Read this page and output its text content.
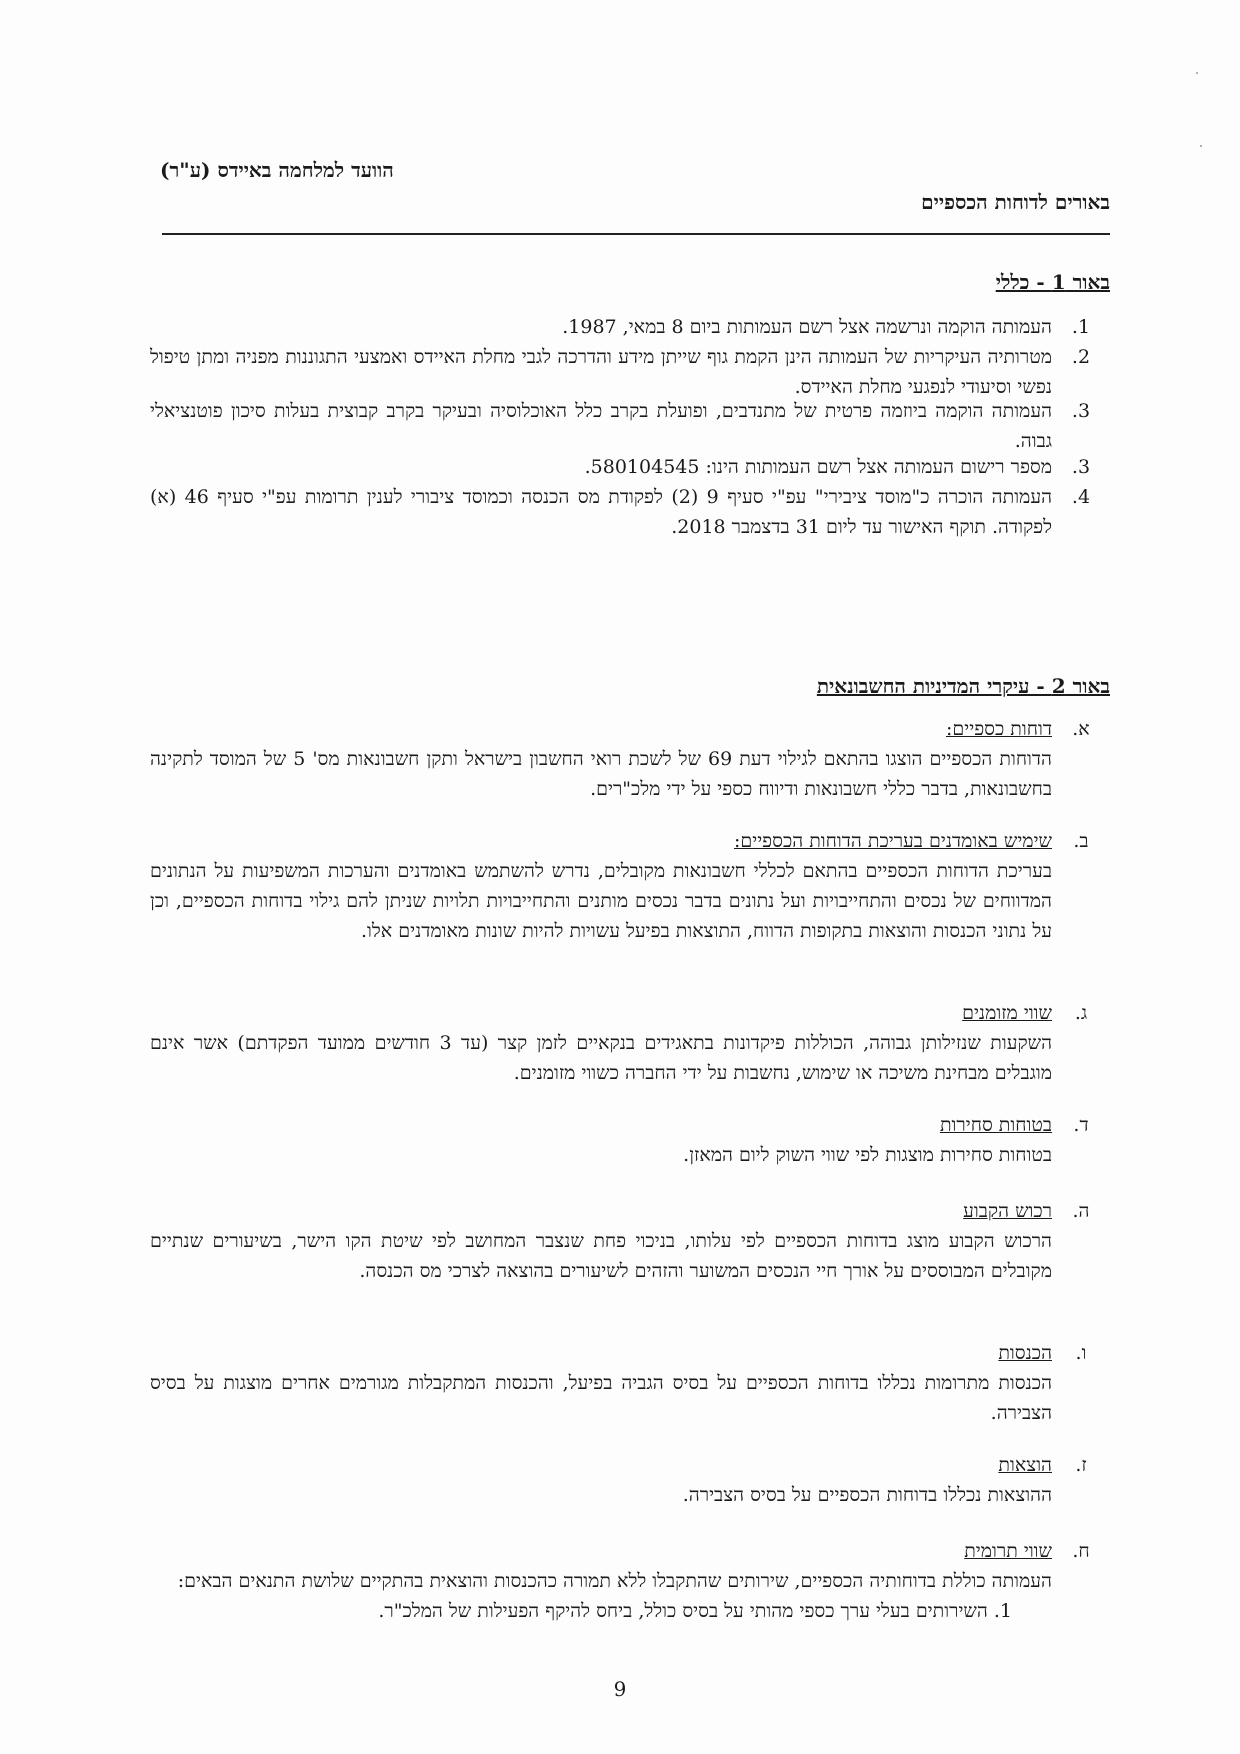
הוועד למלחמה באיידס (ע"ר)
באורים לדוחות הכספיים
באור 1 - כללי
1.
העמותה הוקמה ונרשמה אצל רשם העמותות ביום 8 במאי, 1987.
2.
מטרותיה העיקריות של העמותה הינן הקמת גוף שייתן מידע והדרכה לגבי מחלת האיידס ואמצעי התגוננות מפניה ומתן טיפול נפשי וסיעודי לנפגעי מחלת האיידס.
3.
העמותה הוקמה ביוזמה פרטית של מתנדבים, ופועלת בקרב כלל האוכלוסיה ובעיקר בקרב קבוצית בעלות סיכון פוטנציאלי גבוה.
3.
מספר רישום העמותה אצל רשם העמותות הינו: 580104545.
4.
העמותה הוכרה כ"מוסד ציבירי" עפ"י סעיף 9 (2) לפקודת מס הכנסה וכמוסד ציבורי לענין תרומות עפ"י סעיף 46 (א) לפקודה. תוקף האישור עד ליום 31 בדצמבר 2018.
באור 2 - עיקרי המדיניות החשבונאית
א.
דוחות כספיים:
הדוחות הכספיים הוצגו בהתאם לגילוי דעת 69 של לשכת רואי החשבון בישראל ותקן חשבונאות מס' 5 של המוסד לתקינה בחשבונאות, בדבר כללי חשבונאות ודיווח כספי על ידי מלכ"רים.
ב.
שימיש באומדנים בעריכת הדוחות הכספיים:
בעריכת הדוחות הכספיים בהתאם לכללי חשבונאות מקובלים, נדרש להשתמש באומדנים והערכות המשפיעות על הנתונים המדווחים של נכסים והתחייבויות ועל נתונים בדבר נכסים מותנים והתחייבויות תלויות שניתן להם גילוי בדוחות הכספיים, וכן על נתוני הכנסות והוצאות בתקופות הדווח, התוצאות בפיעל עשויות להיות שונות מאומדנים אלו.
ג.
שווי מזומנים
השקעות שנזילותן גבוהה, הכוללות פיקדונות בתאגידים בנקאיים לזמן קצר (עד 3 חודשים ממועד הפקדתם) אשר אינם מוגבלים מבחינת משיכה או שימוש, נחשבות על ידי החברה כשווי מזומנים.
ד.
בטוחות סחירות
בטוחות סחירות מוצגות לפי שווי השוק ליום המאזן.
ה.
רכוש הקבוע
הרכוש הקבוע מוצג בדוחות הכספיים לפי עלותו, בניכוי פחת שנצבר המחושב לפי שיטת הקו הישר, בשיעורים שנתיים מקובלים המבוססים על אורך חיי הנכסים המשוער והזהים לשיעורים בהוצאה לצרכי מס הכנסה.
ו.
הכנסות
הכנסות מתרומות נכללו בדוחות הכספיים על בסיס הגביה בפיעל, והכנסות המתקבלות מגורמים אחרים מוצגות על בסיס הצבירה.
ז.
הוצאות
ההוצאות נכללו בדוחות הכספיים על בסיס הצבירה.
ח.
שווי תרומית
העמותה כוללת בדוחותיה הכספיים, שירותים שהתקבלו ללא תמורה כהכנסות והוצאית בהתקיים שלושת התנאים הבאים:
1. השירותים בעלי ערך כספי מהותי על בסיס כולל, ביחס להיקף הפעילות של המלכ"ר.
9
